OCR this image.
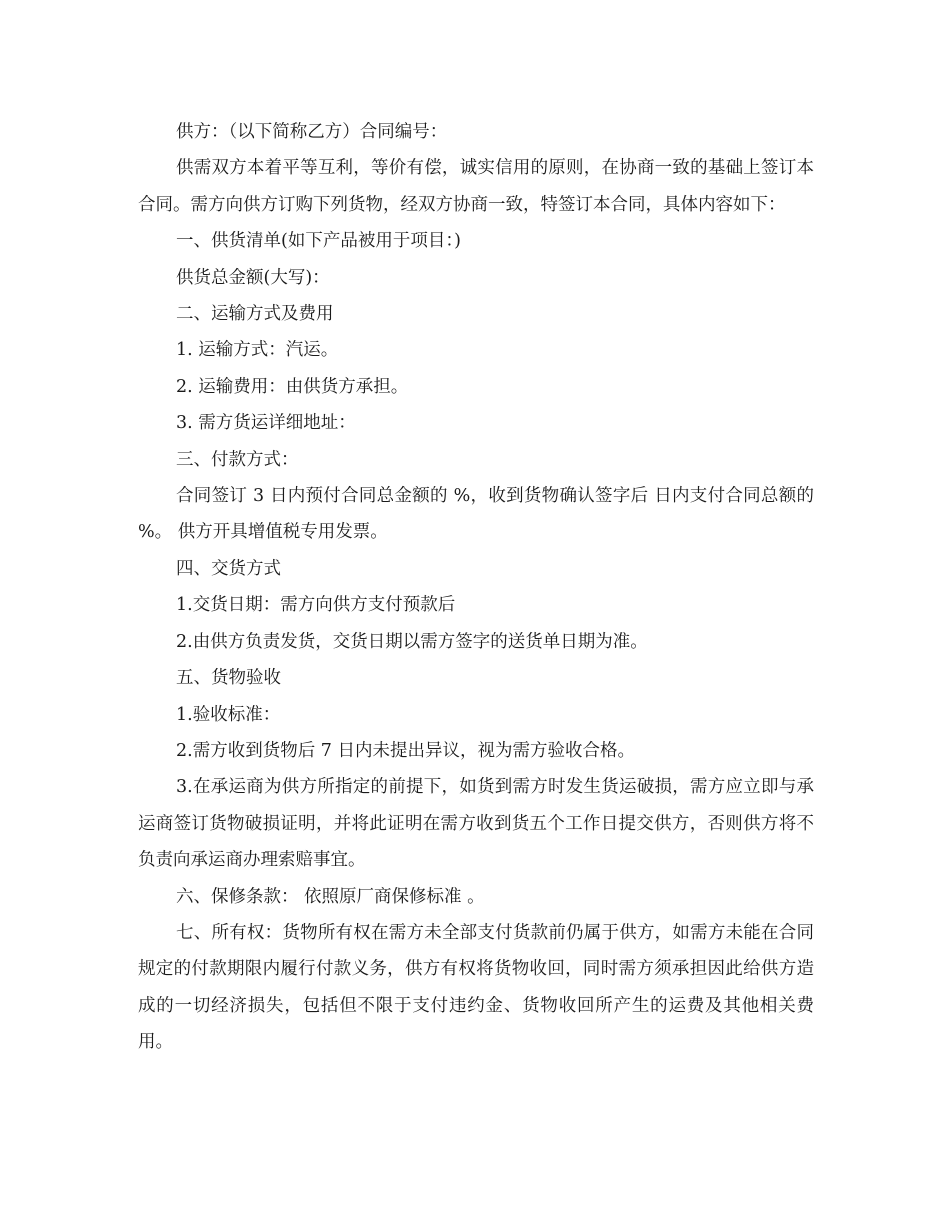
供方：（以下简称乙方）合同编号：

供需双方本着平等互利，等价有偿，诚实信用的原则，在协商一致的基础上签订本合同。需方向供方订购下列货物，经双方协商一致，特签订本合同，具体内容如下：

一、供货清单(如下产品被用于项目：)

供货总金额(大写)：

二、运输方式及费用

1. 运输方式：汽运。

2. 运输费用：由供货方承担。

3. 需方货运详细地址：

三、付款方式：

合同签订 3 日内预付合同总金额的 %，收到货物确认签字后 日内支付合同总额的 %。 供方开具增值税专用发票。

四、交货方式

1.交货日期：需方向供方支付预款后

2.由供方负责发货，交货日期以需方签字的送货单日期为准。

五、货物验收

1.验收标准：

2.需方收到货物后 7 日内未提出异议，视为需方验收合格。

3.在承运商为供方所指定的前提下，如货到需方时发生货运破损，需方应立即与承运商签订货物破损证明，并将此证明在需方收到货五个工作日提交供方，否则供方将不负责向承运商办理索赔事宜。

六、保修条款： 依照原厂商保修标准 。

七、所有权：货物所有权在需方未全部支付货款前仍属于供方，如需方未能在合同规定的付款期限内履行付款义务，供方有权将货物收回，同时需方须承担因此给供方造成的一切经济损失，包括但不限于支付违约金、货物收回所产生的运费及其他相关费用。
